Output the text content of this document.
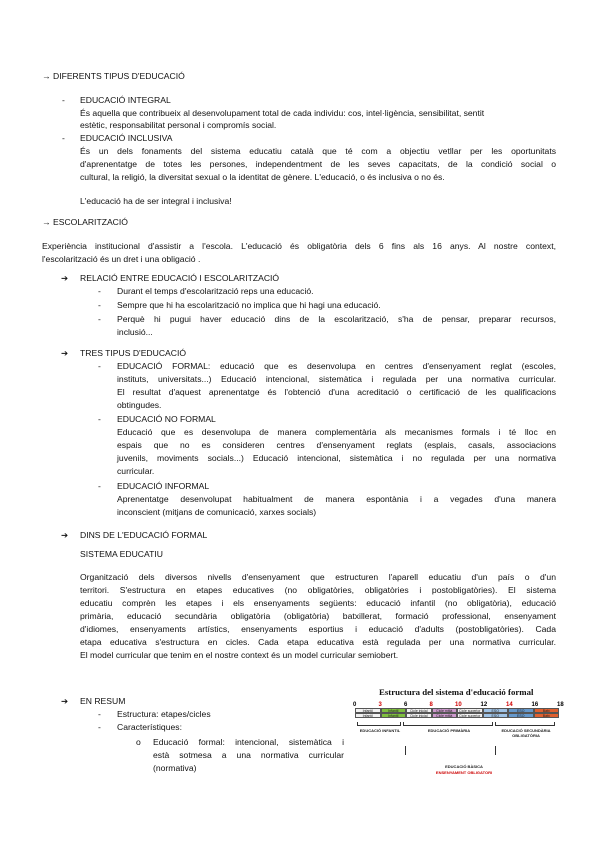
→ DIFERENTS TIPUS D'EDUCACIÓ
- EDUCACIÓ INTEGRAL
És aquella que contribueix al desenvolupament total de cada individu: cos, intel·ligència, sensibilitat, sentit
estètic, responsabilitat personal i compromís social.
- EDUCACIÓ INCLUSIVA
És un dels fonaments del sistema educatiu català que té com a objectiu vetllar per les oportunitats
d'aprenentatge de totes les persones, independentment de les seves capacitats, de la condició social o
cultural, la religió, la diversitat sexual o la identitat de gènere. L'educació, o és inclusiva o no és.
L'educació ha de ser integral i inclusiva!
→ ESCOLARITZACIÓ
Experiència institucional d'assistir a l'escola. L'educació és obligatòria dels 6 fins als 16 anys. Al nostre context,
l'escolarització és un dret i una obligació .
➔ RELACIÓ ENTRE EDUCACIÓ I ESCOLARITZACIÓ
- Durant el temps d'escolarització reps una educació.
- Sempre que hi ha escolarització no implica que hi hagi una educació.
- Perquè hi pugui haver educació dins de la escolarització, s'ha de pensar, preparar recursos,
inclusió...
➔ TRES TIPUS D'EDUCACIÓ
- EDUCACIÓ FORMAL: educació que es desenvolupa en centres d'ensenyament reglat (escoles,
instituts, universitats...) Educació intencional, sistemàtica i regulada per una normativa curricular.
El resultat d'aquest aprenentatge és l'obtenció d'una acreditació o certificació de les qualificacions
obtingudes.
- EDUCACIÓ NO FORMAL
Educació que es desenvolupa de manera complementària als mecanismes formals i té lloc en
espais que no es consideren centres d'ensenyament reglats (esplais, casals, associacions
juvenils, moviments socials...) Educació intencional, sistemàtica i no regulada per una normativa
curricular.
- EDUCACIÓ INFORMAL
Aprenentatge desenvolupat habitualment de manera espontània i a vegades d'una manera
inconscient (mitjans de comunicació, xarxes socials)
➔ DINS DE L'EDUCACIÓ FORMAL
SISTEMA EDUCATIU
Organització dels diversos nivells d'ensenyament que estructuren l'aparell educatiu d'un país o d'un
territori. S'estructura en etapes educatives (no obligatòries, obligatòries i postobligatòries). El sistema
educatiu comprèn les etapes i els ensenyaments següents: educació infantil (no obligatòria), educació
primària, educació secundària obligatòria (obligatòria) batxillerat, formació professional, ensenyament
d'idiomes, ensenyaments artístics, ensenyaments esportius i educació d'adults (postobligatòries). Cada
etapa educativa s'estructura en cicles. Cada etapa educativa està regulada per una normativa curricular.
El model curricular que tenim en el nostre context és un model curricular semiobert.
➔ EN RESUM
- Estructura: etapes/cicles
- Característiques:
o Educació formal: intencional, sistemàtica i
està sotmesa a una normativa curricular
(normativa)
Estructura del sistema d'educació formal
0	3	6	8	10	12	14	16	18
Infantil
Infantil
Infantil
Infantil
Cicle inicial
Cicle inicial
Cicle mitjà
Cicle mitjà
Cicle superior
Cicle superior
ESO
ESO
ESO
ESO
Batx
Batx
EDUCACIÓ INFANTIL	EDUCACIÓ PRIMÀRIA	EDUCACIÓ SECUNDÀRIA OBLIGATÒRIA
EDUCACIÓ BÀSICA
ENSENYAMENT OBLIGATORI
